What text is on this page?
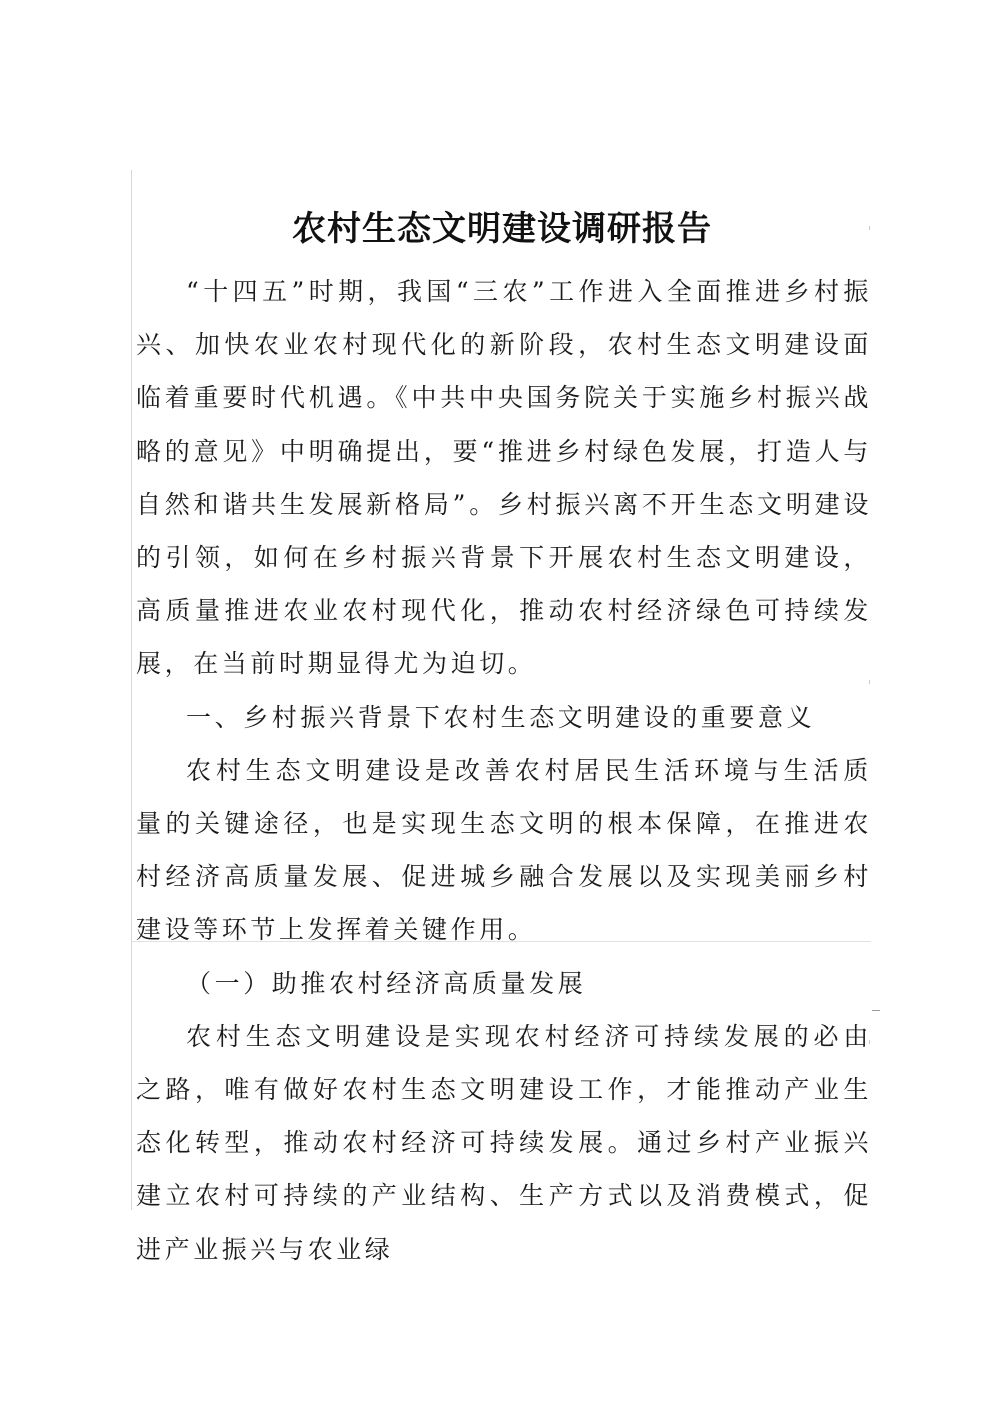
农村生态文明建设调研报告

“十四五”时期，我国“三农”工作进入全面推进乡村振兴、加快农业农村现代化的新阶段，农村生态文明建设面临着重要时代机遇。《中共中央国务院关于实施乡村振兴战略的意见》中明确提出，要“推进乡村绿色发展，打造人与自然和谐共生发展新格局”。乡村振兴离不开生态文明建设的引领，如何在乡村振兴背景下开展农村生态文明建设，高质量推进农业农村现代化，推动农村经济绿色可持续发展，在当前时期显得尤为迫切。

一、乡村振兴背景下农村生态文明建设的重要意义

农村生态文明建设是改善农村居民生活环境与生活质量的关键途径，也是实现生态文明的根本保障，在推进农村经济高质量发展、促进城乡融合发展以及实现美丽乡村建设等环节上发挥着关键作用。

（一）助推农村经济高质量发展

农村生态文明建设是实现农村经济可持续发展的必由之路，唯有做好农村生态文明建设工作，才能推动产业生态化转型，推动农村经济可持续发展。通过乡村产业振兴建立农村可持续的产业结构、生产方式以及消费模式，促进产业振兴与农业绿
